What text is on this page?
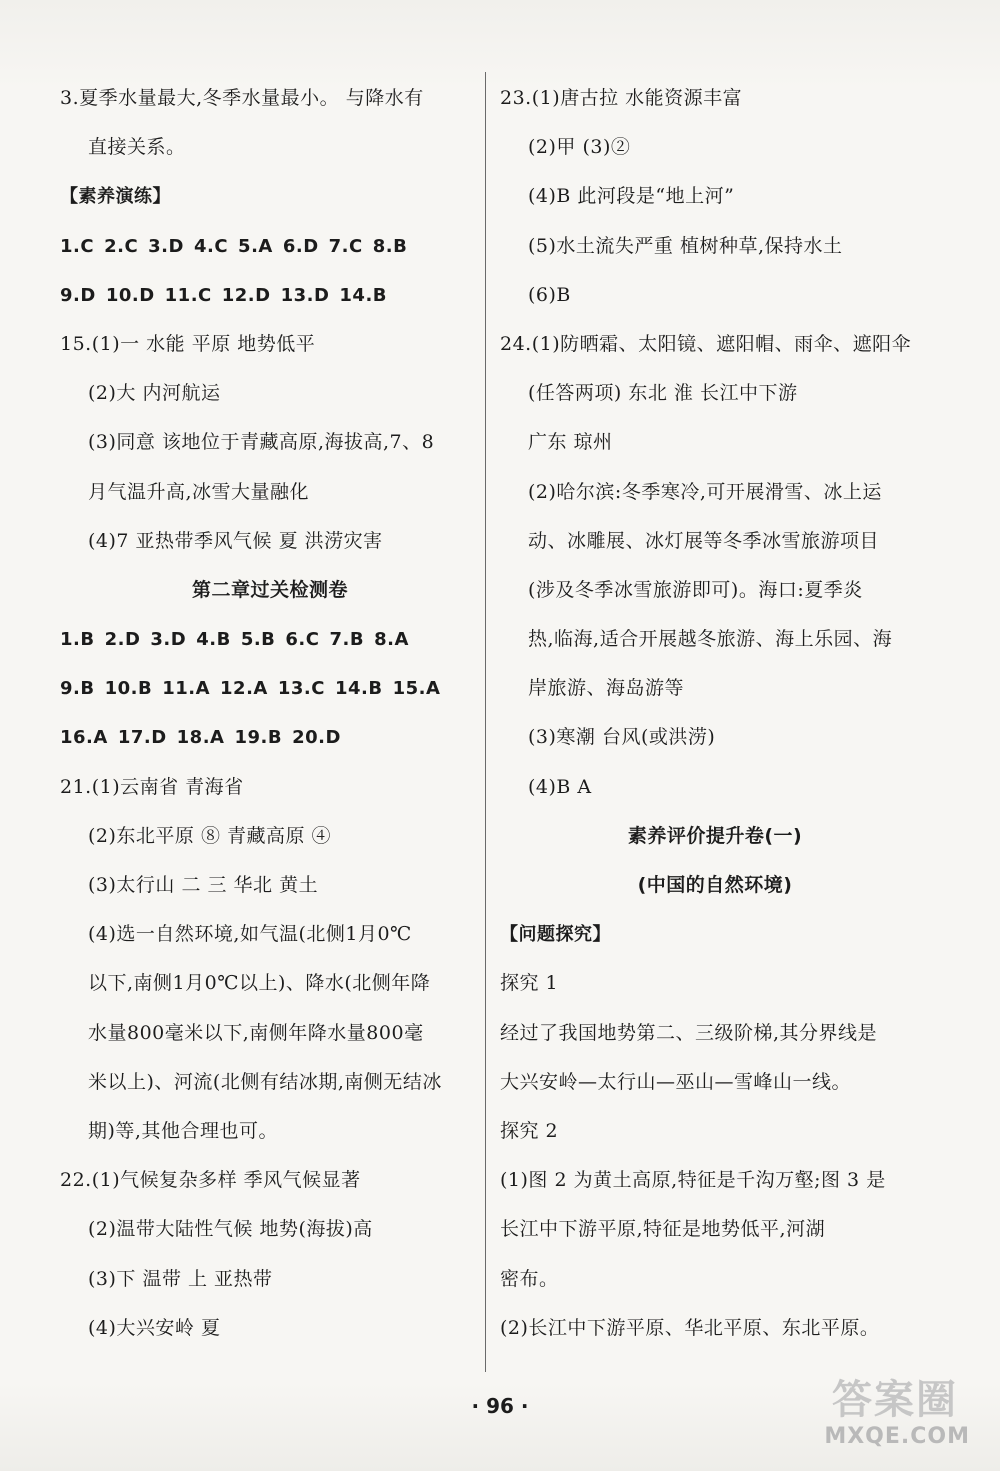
3.夏季水量最大,冬季水量最小。 与降水有
直接关系。
【素养演练】
1.C 2.C 3.D 4.C 5.A 6.D 7.C 8.B
9.D 10.D 11.C 12.D 13.D 14.B
15.(1)一 水能 平原 地势低平
(2)大 内河航运
(3)同意 该地位于青藏高原,海拔高,7、8
月气温升高,冰雪大量融化
(4)7 亚热带季风气候 夏 洪涝灾害
第二章过关检测卷
1.B 2.D 3.D 4.B 5.B 6.C 7.B 8.A
9.B 10.B 11.A 12.A 13.C 14.B 15.A
16.A 17.D 18.A 19.B 20.D
21.(1)云南省 青海省
(2)东北平原 ⑧ 青藏高原 ④
(3)太行山 二 三 华北 黄土
(4)选一自然环境,如气温(北侧1月0℃
以下,南侧1月0℃以上)、降水(北侧年降
水量800毫米以下,南侧年降水量800毫
米以上)、河流(北侧有结冰期,南侧无结冰
期)等,其他合理也可。
22.(1)气候复杂多样 季风气候显著
(2)温带大陆性气候 地势(海拔)高
(3)下 温带 上 亚热带
(4)大兴安岭 夏
23.(1)唐古拉 水能资源丰富
(2)甲 (3)②
(4)B 此河段是“地上河”
(5)水土流失严重 植树种草,保持水土
(6)B
24.(1)防晒霜、太阳镜、遮阳帽、雨伞、遮阳伞
(任答两项) 东北 淮 长江中下游
广东 琼州
(2)哈尔滨:冬季寒冷,可开展滑雪、冰上运
动、冰雕展、冰灯展等冬季冰雪旅游项目
(涉及冬季冰雪旅游即可)。海口:夏季炎
热,临海,适合开展越冬旅游、海上乐园、海
岸旅游、海岛游等
(3)寒潮 台风(或洪涝)
(4)B A
素养评价提升卷(一)
(中国的自然环境)
【问题探究】
探究 1
经过了我国地势第二、三级阶梯,其分界线是
大兴安岭—太行山—巫山—雪峰山一线。
探究 2
(1)图 2 为黄土高原,特征是千沟万壑;图 3 是
长江中下游平原,特征是地势低平,河湖
密布。
(2)长江中下游平原、华北平原、东北平原。
· 96 ·	答案圈
MXQE.COM
